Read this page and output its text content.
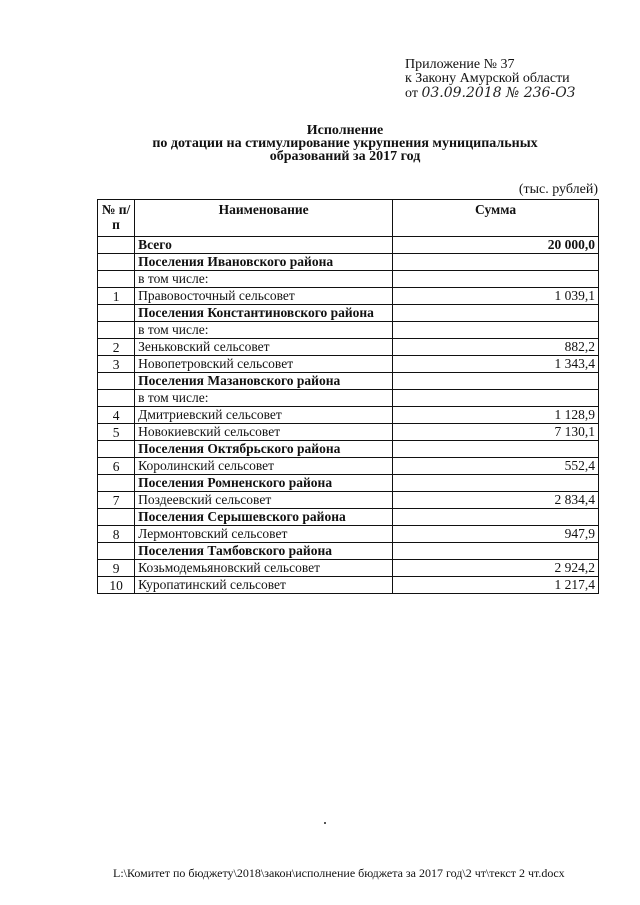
Приложение № 37
к Закону Амурской области
от 03.09.2018 № 236-ОЗ
Исполнение
по дотации на стимулирование укрупнения муниципальных
образований за 2017 год
(тыс. рублей)
№ п/п	Наименование	Сумма
	Всего	20 000,0
	Поселения Ивановского района	
	в том числе:	
1	Правовосточный сельсовет	1 039,1
	Поселения Константиновского района	
	в том числе:	
2	Зеньковский сельсовет	882,2
3	Новопетровский сельсовет	1 343,4
	Поселения Мазановского района	
	в том числе:	
4	Дмитриевский сельсовет	1 128,9
5	Новокиевский сельсовет	7 130,1
	Поселения Октябрьского района	
6	Королинский сельсовет	552,4
	Поселения Ромненского района	
7	Поздеевский сельсовет	2 834,4
	Поселения Серышевского района	
8	Лермонтовский сельсовет	947,9
	Поселения Тамбовского района	
9	Козьмодемьяновский сельсовет	2 924,2
10	Куропатинский сельсовет	1 217,4
L:\Комитет по бюджету\2018\закон\исполнение бюджета за 2017 год\2 чт\текст 2 чт.docx
